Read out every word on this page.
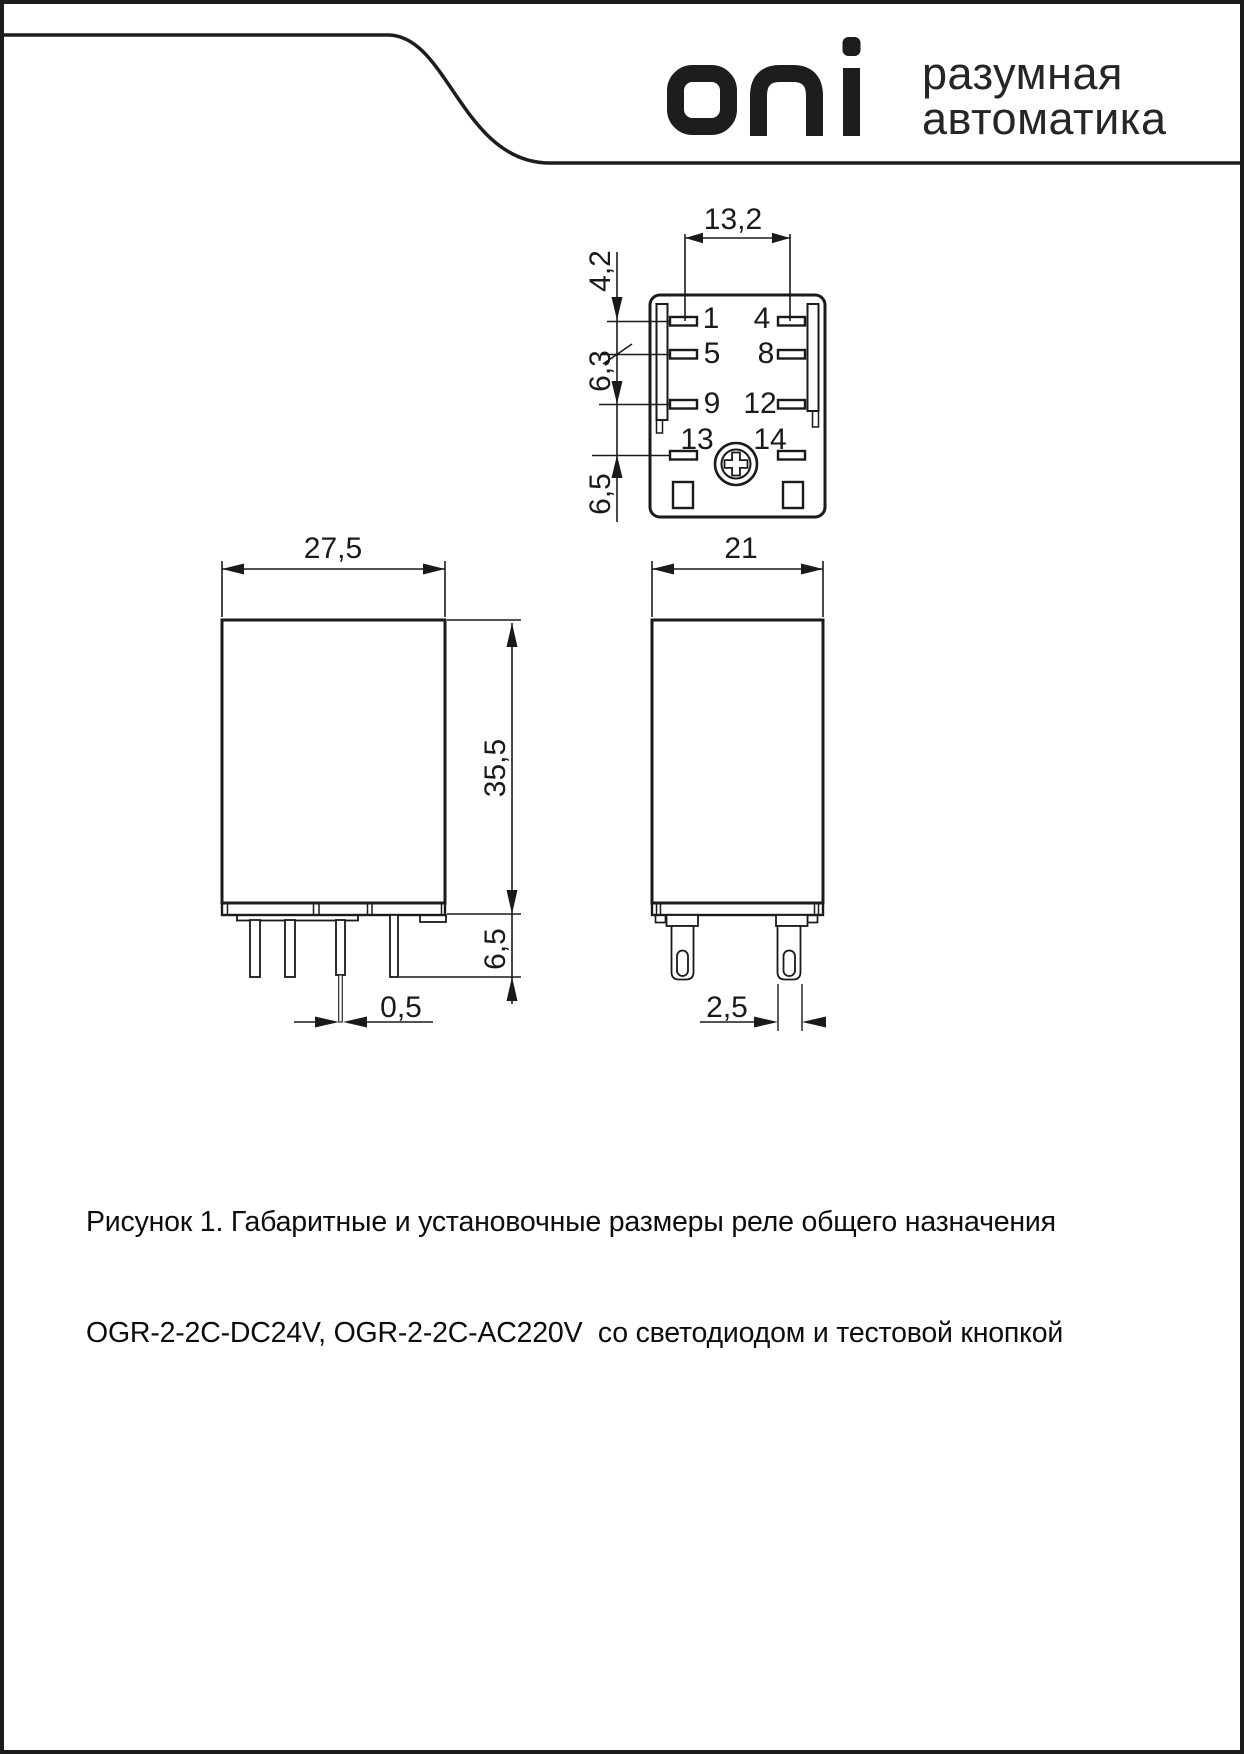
разумная
автоматика
13,2
4,2
6,3
6,5
1 4
5 8
9 12
13 14
27,5
35,5
6,5
0,5
21
2,5

Рисунок 1. Габаритные и установочные размеры реле общего назначения

OGR-2-2C-DC24V, OGR-2-2C-AC220V  со светодиодом и тестовой кнопкой
